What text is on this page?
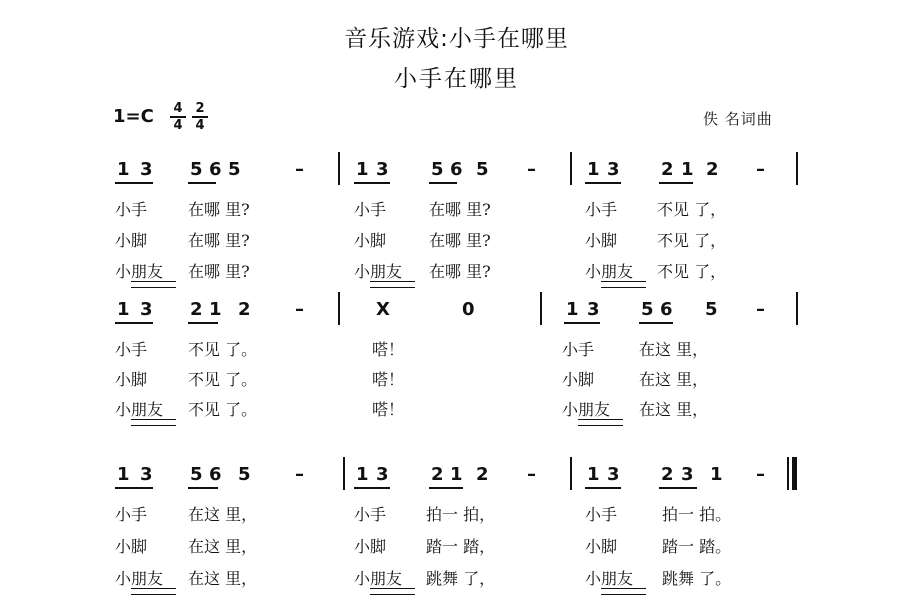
音乐游戏:小手在哪里
小手在哪里
$1=C \frac{4}{4} \frac{2}{4}$	佚 名词曲
1 3 5 6 5	–	1 3 5 6 5 –	1 3 2 1 2 –
小手	在哪 里?	小手	在哪 里?	小手 不见 了，
小脚	在哪 里?	小脚	在哪 里?	小脚 不见 了，
小朋友 在哪 里?	小朋友 在哪 里?	小朋友 不见 了，
1 3 2 1 2 –	X	0	1 3 5 6 5 –
小手	不见 了。	嗒！	小手	在这 里，
小脚	不见 了。	嗒！	小脚	在这 里，
小朋友 不见 了。	嗒！	小朋友 在这 里，
1 3 5 6 5 –	1 3 2 1 2 –	1 3 2 3 1 –
小手	在这 里，	小手 拍一 拍，	小手	拍一 拍。
小脚	在这 里，	小脚 踏一 踏，	小脚	踏一 踏。
小朋友 在这 里，	小朋友 跳舞 了，	小朋友 跳舞 了。
